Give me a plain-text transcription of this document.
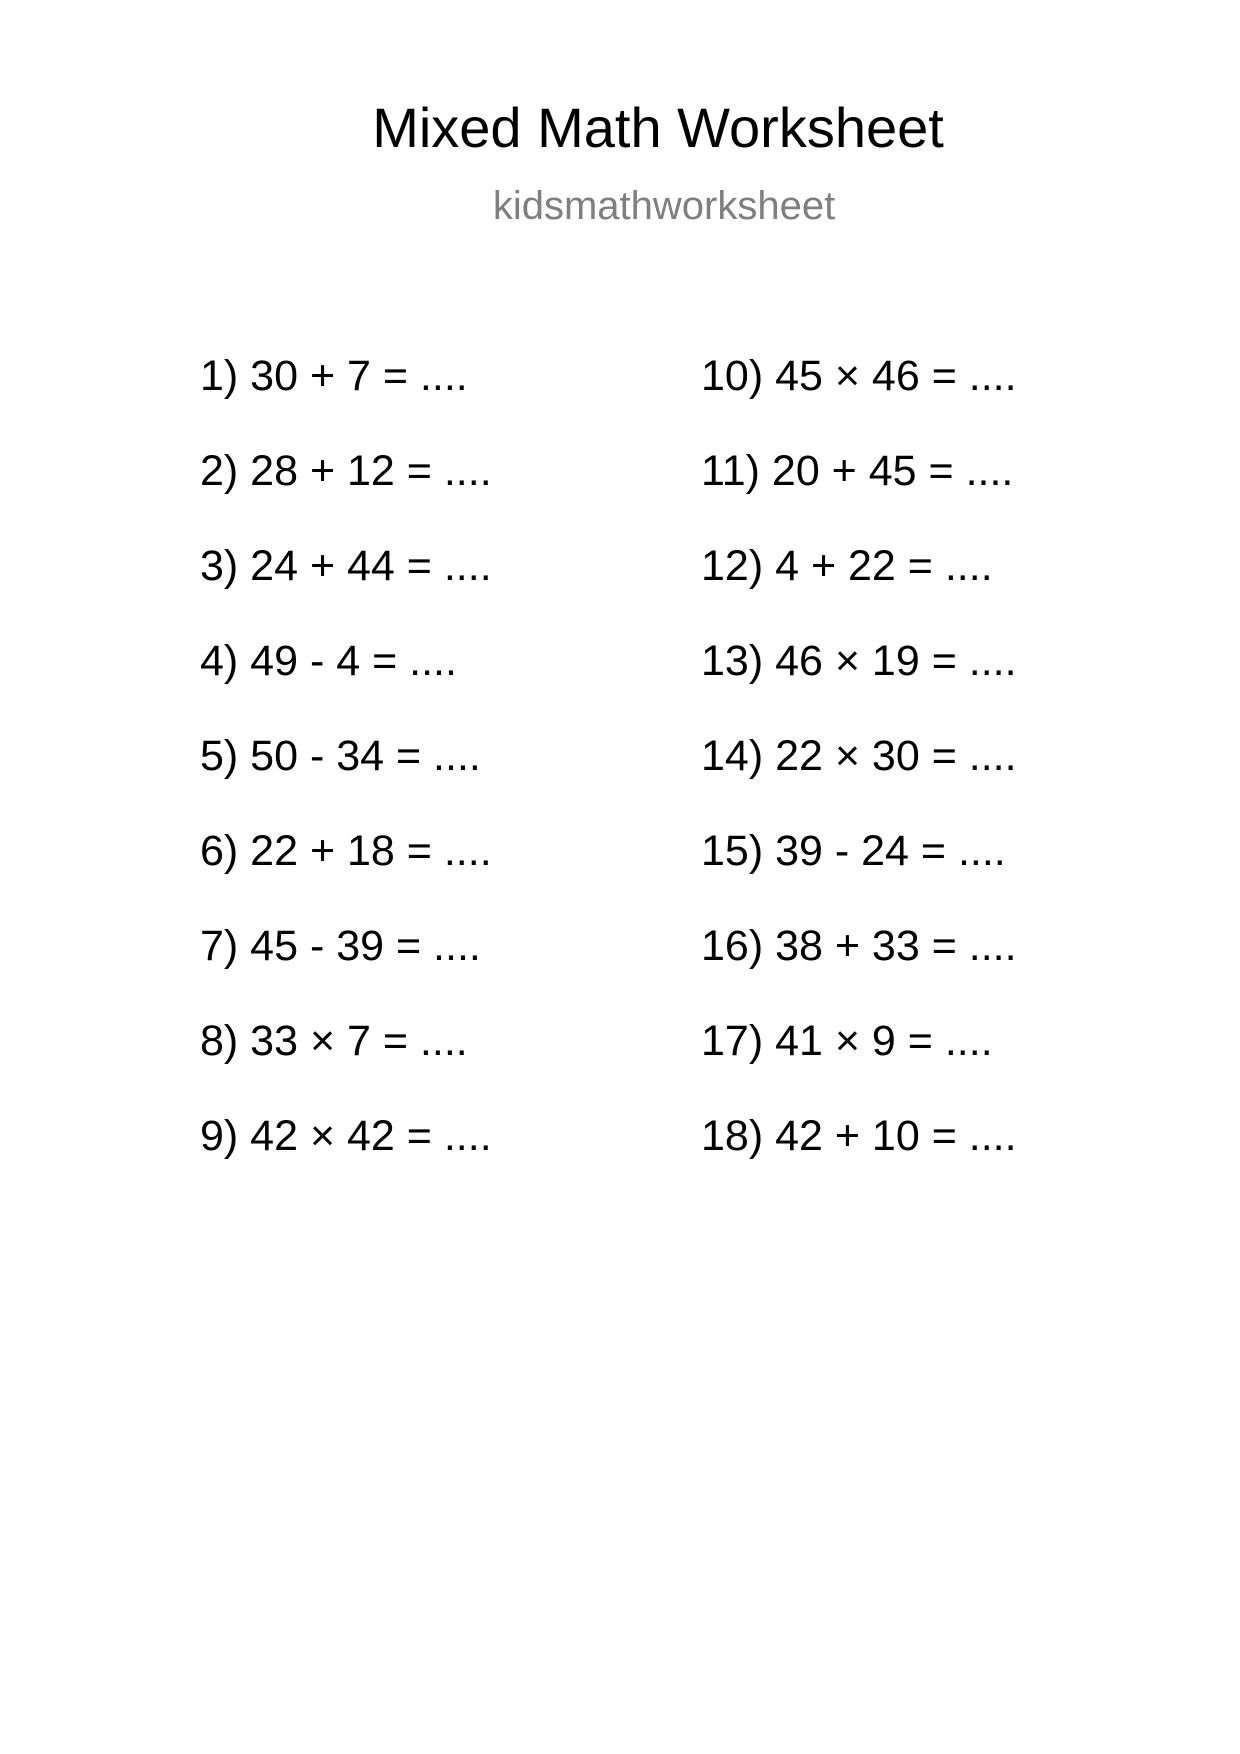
Mixed Math Worksheet
kidsmathworksheet
1) 30 + 7 = ....
2) 28 + 12 = ....
3) 24 + 44 = ....
4) 49 - 4 = ....
5) 50 - 34 = ....
6) 22 + 18 = ....
7) 45 - 39 = ....
8) 33 × 7 = ....
9) 42 × 42 = ....
10) 45 × 46 = ....
11) 20 + 45 = ....
12) 4 + 22 = ....
13) 46 × 19 = ....
14) 22 × 30 = ....
15) 39 - 24 = ....
16) 38 + 33 = ....
17) 41 × 9 = ....
18) 42 + 10 = ....
